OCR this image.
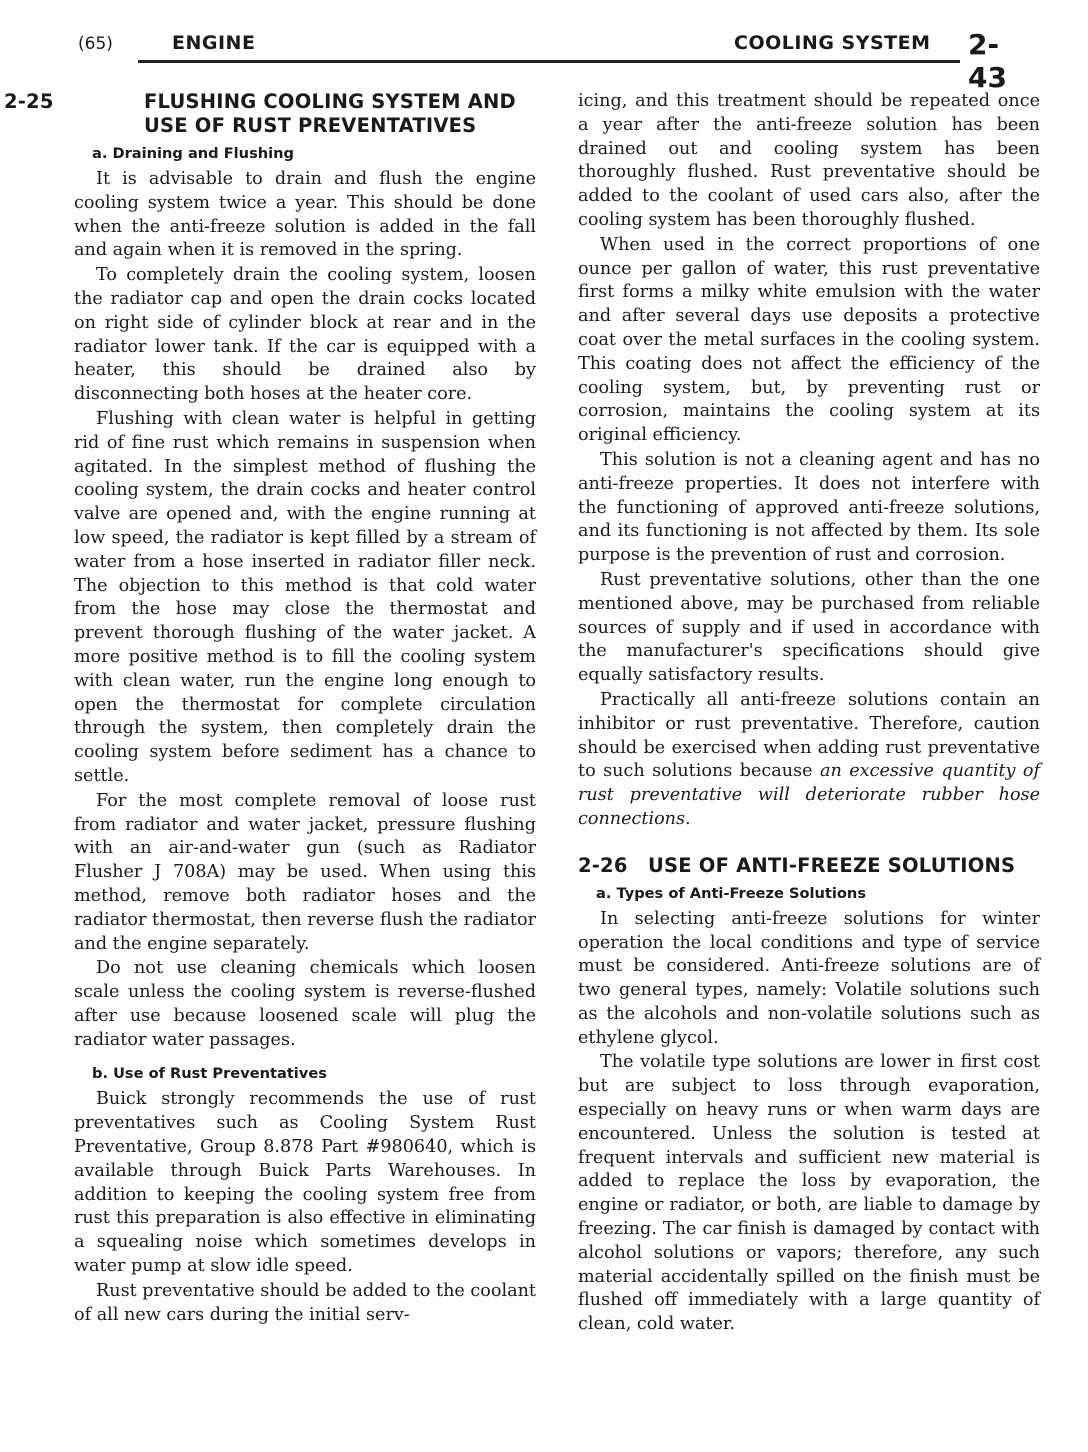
(65)	ENGINE	COOLING SYSTEM 2-43
2-25	FLUSHING COOLING SYSTEM AND USE OF RUST PREVENTATIVES
a. Draining and Flushing

It is advisable to drain and flush the engine cooling system twice a year. This should be done when the anti-freeze solution is added in the fall and again when it is removed in the spring.

To completely drain the cooling system, loosen the radiator cap and open the drain cocks located on right side of cylinder block at rear and in the radiator lower tank. If the car is equipped with a heater, this should be drained also by disconnecting both hoses at the heater core.

Flushing with clean water is helpful in getting rid of fine rust which remains in suspension when agitated. In the simplest method of flushing the cooling system, the drain cocks and heater control valve are opened and, with the engine running at low speed, the radiator is kept filled by a stream of water from a hose inserted in radiator filler neck. The objection to this method is that cold water from the hose may close the thermostat and prevent thorough flushing of the water jacket. A more positive method is to fill the cooling system with clean water, run the engine long enough to open the thermostat for complete circulation through the system, then completely drain the cooling system before sediment has a chance to settle.

For the most complete removal of loose rust from radiator and water jacket, pressure flushing with an air-and-water gun (such as Radiator Flusher J 708A) may be used. When using this method, remove both radiator hoses and the radiator thermostat, then reverse flush the radiator and the engine separately.

Do not use cleaning chemicals which loosen scale unless the cooling system is reverse-flushed after use because loosened scale will plug the radiator water passages.

b. Use of Rust Preventatives

Buick strongly recommends the use of rust preventatives such as Cooling System Rust Preventative, Group 8.878 Part #980640, which is available through Buick Parts Warehouses. In addition to keeping the cooling system free from rust this preparation is also effective in eliminating a squealing noise which sometimes develops in water pump at slow idle speed.

Rust preventative should be added to the coolant of all new cars during the initial serv-

icing, and this treatment should be repeated once a year after the anti-freeze solution has been drained out and cooling system has been thoroughly flushed. Rust preventative should be added to the coolant of used cars also, after the cooling system has been thoroughly flushed.

When used in the correct proportions of one ounce per gallon of water, this rust preventative first forms a milky white emulsion with the water and after several days use deposits a protective coat over the metal surfaces in the cooling system. This coating does not affect the efficiency of the cooling system, but, by preventing rust or corrosion, maintains the cooling system at its original efficiency.

This solution is not a cleaning agent and has no anti-freeze properties. It does not interfere with the functioning of approved anti-freeze solutions, and its functioning is not affected by them. Its sole purpose is the prevention of rust and corrosion.

Rust preventative solutions, other than the one mentioned above, may be purchased from reliable sources of supply and if used in accordance with the manufacturer's specifications should give equally satisfactory results.

Practically all anti-freeze solutions contain an inhibitor or rust preventative. Therefore, caution should be exercised when adding rust preventative to such solutions because an excessive quantity of rust preventative will deteriorate rubber hose connections.

2-26 USE OF ANTI-FREEZE SOLUTIONS
a. Types of Anti-Freeze Solutions

In selecting anti-freeze solutions for winter operation the local conditions and type of service must be considered. Anti-freeze solutions are of two general types, namely: Volatile solutions such as the alcohols and non-volatile solutions such as ethylene glycol.

The volatile type solutions are lower in first cost but are subject to loss through evaporation, especially on heavy runs or when warm days are encountered. Unless the solution is tested at frequent intervals and sufficient new material is added to replace the loss by evaporation, the engine or radiator, or both, are liable to damage by freezing. The car finish is damaged by contact with alcohol solutions or vapors; therefore, any such material accidentally spilled on the finish must be flushed off immediately with a large quantity of clean, cold water.
